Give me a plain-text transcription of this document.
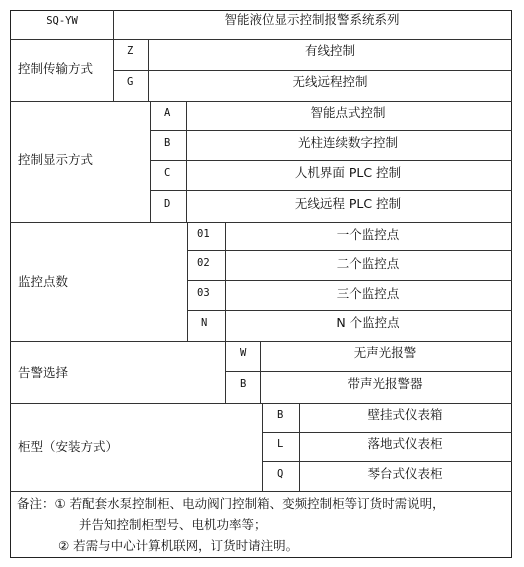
SQ-YW	智能液位显示控制报警系统系列
控制传输方式
Z	有线控制
G	无线远程控制
控制显示方式
A	智能点式控制
B	光柱连续数字控制
C	人机界面 PLC 控制
D	无线远程 PLC 控制
监控点数
01	一个监控点
02	二个监控点
03	三个监控点
N	N 个监控点
告警选择
W	无声光报警
B	带声光报警器
柜型（安装方式）
B	壁挂式仪表箱
L	落地式仪表柜
Q	琴台式仪表柜
备注：① 若配套水泵控制柜、电动阀门控制箱、变频控制柜等订货时需说明，
并告知控制柜型号、电机功率等；
② 若需与中心计算机联网，订货时请注明。
